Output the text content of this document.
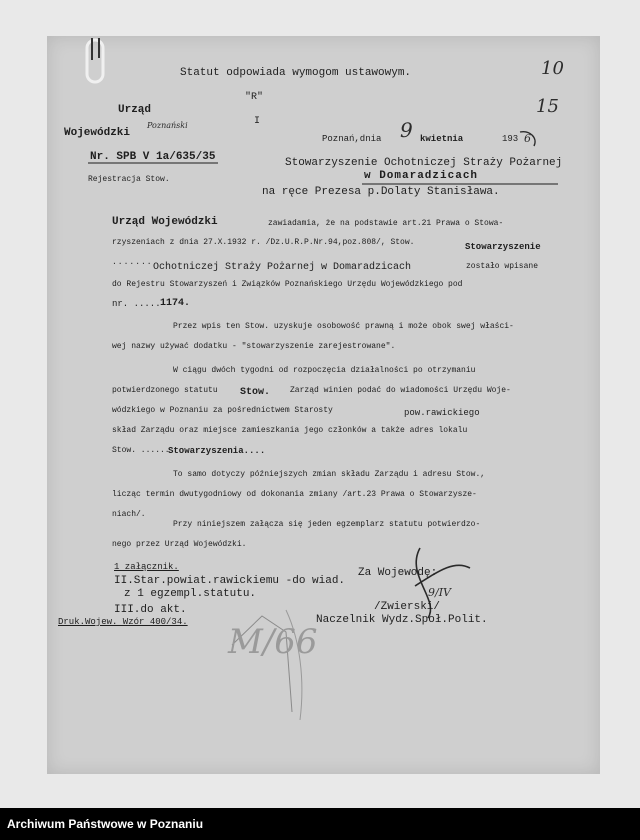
Statut odpowiada wymogom ustawowym.	10
15
Urząd
Wojewódzki
Poznański
"R"
I
Poznań,dnia 9 kwietnia	193 6
Nr. SPB V 1a/635/35
Rejestracja Stow.
Stowarzyszenie Ochotniczej Straży Pożarnej
w Domaradzicach
na ręce Prezesa p.Dolaty Stanisława.
Urząd Wojewódzki	zawiadamia, że na podstawie art.21 Prawa o Stowa-
rzyszeniach z dnia 27.X.1932 r. /Dz.U.R.P.Nr.94,poz.808/, Stow.	Stowarzyszenie
....... Ochotniczej Straży Pożarnej w Domaradzicach	zostało wpisane
do Rejestru Stowarzyszeń i Związków Poznańskiego Urzędu Wojewódzkiego pod
nr. ..... 1174.
Przez wpis ten Stow. uzyskuje osobowość prawną i może obok swej właści-
wej nazwy używać dodatku - "stowarzyszenie zarejestrowane".
W ciągu dwóch tygodni od rozpoczęcia działalności po otrzymaniu
potwierdzonego statutu Stow. Zarząd winien podać do wiadomości Urzędu Woje-
wódzkiego w Poznaniu za pośrednictwem Starosty	pow.rawickiego
skład Zarządu oraz miejsce zamieszkania jego członków a także adres lokalu
Stow. ......
Stowarzyszenia....
To samo dotyczy późniejszych zmian składu Zarządu i adresu Stow.,
licząc termin dwutygodniowy od dokonania zmiany /art.23 Prawa o Stowarzysze-
niach/.
Przy niniejszem załącza się jeden egzemplarz statutu potwierdzo-
nego przez Urząd Wojewódzki.
1 załącznik.
II.Star.powiat.rawickiemu -do wiad.
z 1 egzempl.statutu.
III.do akt.
Druk.Wojew. Wzór 400/34. M/66
Za Wojewodę:
9/IV
/Zwierski/
Naczelnik Wydz.Społ.Polit.
Archiwum Państwowe w Poznaniu
